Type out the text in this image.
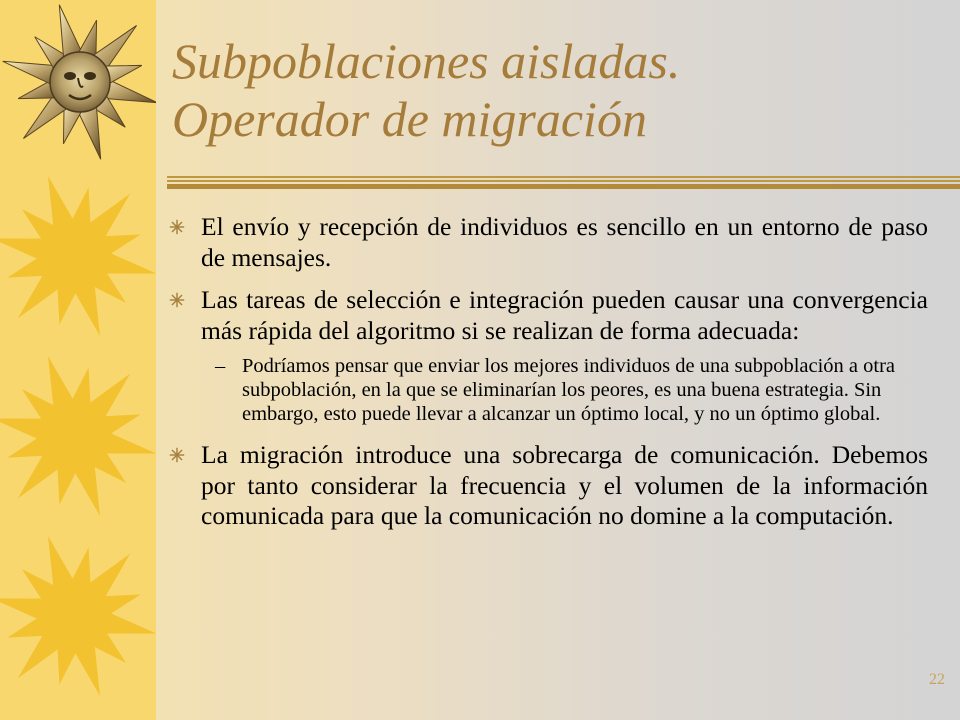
Subpoblaciones aisladas.
Operador de migración
El envío y recepción de individuos es sencillo en un entorno de paso de mensajes.
Las tareas de selección e integración pueden causar una convergencia más rápida del algoritmo si se realizan de forma adecuada:
– Podríamos pensar que enviar los mejores individuos de una subpoblación a otra subpoblación, en la que se eliminarían los peores, es una buena estrategia. Sin embargo, esto puede llevar a alcanzar un óptimo local, y no un óptimo global.
La migración introduce una sobrecarga de comunicación. Debemos por tanto considerar la frecuencia y el volumen de la información comunicada para que la comunicación no domine a la computación.
22
